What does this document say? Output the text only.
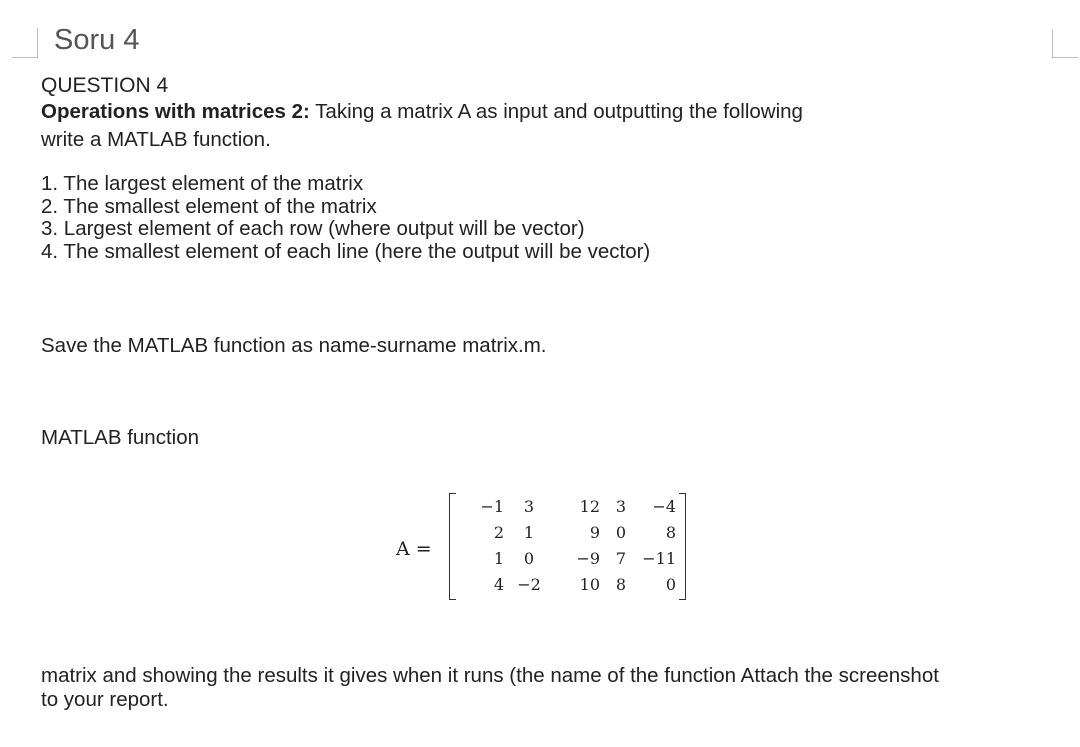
Soru 4
QUESTION 4
Operations with matrices 2: Taking a matrix A as input and outputting the following
write a MATLAB function.
1. The largest element of the matrix
2. The smallest element of the matrix
3. Largest element of each row (where output will be vector)
4. The smallest element of each line (here the output will be vector)
Save the MATLAB function as name-surname matrix.m.
MATLAB function
A =
−1	3	12	3	−4
2	1	9	0	8
1	0	−9	7	−11
4	−2	10	8	0
matrix and showing the results it gives when it runs (the name of the function Attach the screenshot
to your report.
